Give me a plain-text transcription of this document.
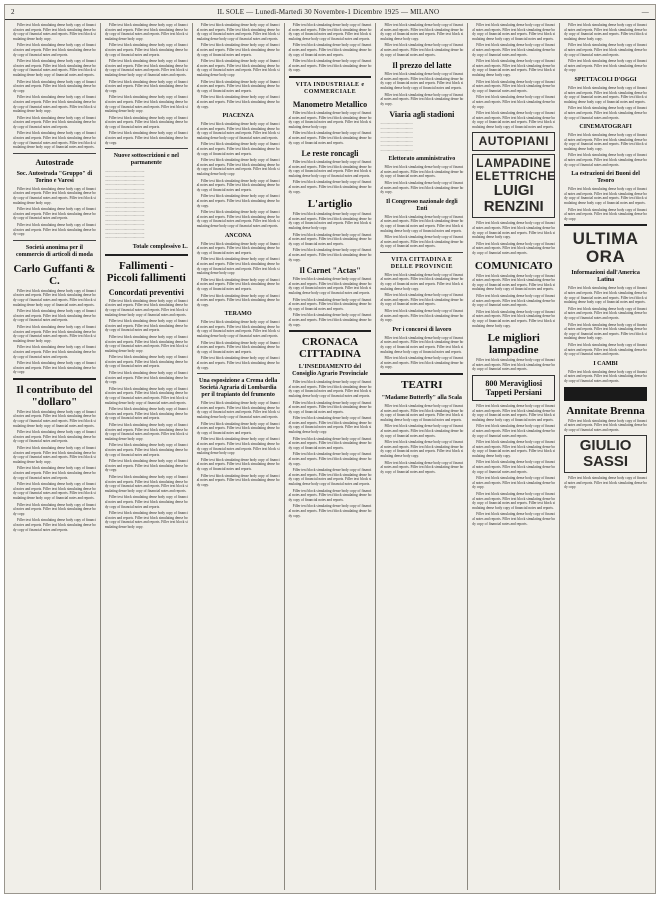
2	IL SOLE — Lunedì-Martedì 30 Novembre-1 Dicembre 1925 — MILANO	—

Filler text block simulating dense body copy of financial notes and reports. Filler text block simulating dense body copy of financial notes and reports. Filler text block simulating dense body copy.

Filler text block simulating dense body copy of financial notes and reports. Filler text block simulating dense body copy of financial notes and reports.

Filler text block simulating dense body copy of financial notes and reports. Filler text block simulating dense body copy of financial notes and reports. Filler text block simulating dense body copy of financial notes and reports.

Filler text block simulating dense body copy of financial notes and reports. Filler text block simulating dense body copy.

Filler text block simulating dense body copy of financial notes and reports. Filler text block simulating dense body copy of financial notes and reports. Filler text block simulating dense body copy.

Filler text block simulating dense body copy of financial notes and reports. Filler text block simulating dense body copy of financial notes and reports.

Filler text block simulating dense body copy of financial notes and reports. Filler text block simulating dense body copy of financial notes and reports. Filler text block simulating dense body copy of financial notes and reports.

Autostrade
Soc. Autostrada "Gruppo" di Torino e Varesi

Filler text block simulating dense body copy of financial notes and reports. Filler text block simulating dense body copy of financial notes and reports. Filler text block simulating dense body copy.

Filler text block simulating dense body copy of financial notes and reports. Filler text block simulating dense body copy of financial notes and reports.

Filler text block simulating dense body copy of financial notes and reports. Filler text block simulating dense body copy.

Società anonima per il commercio di articoli di moda
Carlo Guffanti & C.

Filler text block simulating dense body copy of financial notes and reports. Filler text block simulating dense body copy of financial notes and reports. Filler text block simulating dense body copy of financial notes and reports.

Filler text block simulating dense body copy of financial notes and reports. Filler text block simulating dense body copy of financial notes and reports.

Filler text block simulating dense body copy of financial notes and reports. Filler text block simulating dense body copy of financial notes and reports. Filler text block simulating dense body copy.

Filler text block simulating dense body copy of financial notes and reports. Filler text block simulating dense body copy of financial notes and reports.

Filler text block simulating dense body copy of financial notes and reports. Filler text block simulating dense body copy.

Il contributo del "dollaro"

Filler text block simulating dense body copy of financial notes and reports. Filler text block simulating dense body copy of financial notes and reports. Filler text block simulating dense body copy of financial notes and reports.

Filler text block simulating dense body copy of financial notes and reports. Filler text block simulating dense body copy of financial notes and reports.

Filler text block simulating dense body copy of financial notes and reports. Filler text block simulating dense body copy of financial notes and reports. Filler text block simulating dense body copy.

Filler text block simulating dense body copy of financial notes and reports. Filler text block simulating dense body copy of financial notes and reports.

Filler text block simulating dense body copy of financial notes and reports. Filler text block simulating dense body copy of financial notes and reports. Filler text block simulating dense body copy of financial notes and reports.

Filler text block simulating dense body copy of financial notes and reports. Filler text block simulating dense body copy.

Filler text block simulating dense body copy of financial notes and reports. Filler text block simulating dense body copy of financial notes and reports.

Filler text block simulating dense body copy of financial notes and reports. Filler text block simulating dense body copy of financial notes and reports. Filler text block simulating dense body copy.

Filler text block simulating dense body copy of financial notes and reports. Filler text block simulating dense body copy of financial notes and reports.

Filler text block simulating dense body copy of financial notes and reports. Filler text block simulating dense body copy of financial notes and reports. Filler text block simulating dense body copy of financial notes and reports.

Filler text block simulating dense body copy of financial notes and reports. Filler text block simulating dense body copy.

Filler text block simulating dense body copy of financial notes and reports. Filler text block simulating dense body copy of financial notes and reports. Filler text block simulating dense body copy.

Filler text block simulating dense body copy of financial notes and reports. Filler text block simulating dense body copy of financial notes and reports.

Filler text block simulating dense body copy of financial notes and reports. Filler text block simulating dense body copy.

Nuove sottoscrizioni e nel parmanente
............................................
............................................
............................................
............................................
............................................
............................................
............................................
............................................
............................................
............................................
............................................
............................................
............................................
............................................
............................................
............................................
Totale complessivo L.
Fallimenti - Piccoli fallimenti
Concordati preventivi

Filler text block simulating dense body copy of financial notes and reports. Filler text block simulating dense body copy of financial notes and reports. Filler text block simulating dense body copy of financial notes and reports.

Filler text block simulating dense body copy of financial notes and reports. Filler text block simulating dense body copy of financial notes and reports.

Filler text block simulating dense body copy of financial notes and reports. Filler text block simulating dense body copy of financial notes and reports. Filler text block simulating dense body copy.

Filler text block simulating dense body copy of financial notes and reports. Filler text block simulating dense body copy of financial notes and reports.

Filler text block simulating dense body copy of financial notes and reports. Filler text block simulating dense body copy.

Filler text block simulating dense body copy of financial notes and reports. Filler text block simulating dense body copy of financial notes and reports. Filler text block simulating dense body copy of financial notes and reports.

Filler text block simulating dense body copy of financial notes and reports. Filler text block simulating dense body copy of financial notes and reports.

Filler text block simulating dense body copy of financial notes and reports. Filler text block simulating dense body copy of financial notes and reports. Filler text block simulating dense body copy.

Filler text block simulating dense body copy of financial notes and reports. Filler text block simulating dense body copy of financial notes and reports.

Filler text block simulating dense body copy of financial notes and reports. Filler text block simulating dense body copy.

Filler text block simulating dense body copy of financial notes and reports. Filler text block simulating dense body copy of financial notes and reports. Filler text block simulating dense body copy of financial notes and reports.

Filler text block simulating dense body copy of financial notes and reports. Filler text block simulating dense body copy of financial notes and reports.

Filler text block simulating dense body copy of financial notes and reports. Filler text block simulating dense body copy of financial notes and reports. Filler text block simulating dense body copy.

Filler text block simulating dense body copy of financial notes and reports. Filler text block simulating dense body copy of financial notes and reports. Filler text block simulating dense body copy of financial notes and reports.

Filler text block simulating dense body copy of financial notes and reports. Filler text block simulating dense body copy of financial notes and reports.

Filler text block simulating dense body copy of financial notes and reports. Filler text block simulating dense body copy of financial notes and reports. Filler text block simulating dense body copy.

Filler text block simulating dense body copy of financial notes and reports. Filler text block simulating dense body copy of financial notes and reports.

Filler text block simulating dense body copy of financial notes and reports. Filler text block simulating dense body copy.

PIACENZA

Filler text block simulating dense body copy of financial notes and reports. Filler text block simulating dense body copy of financial notes and reports. Filler text block simulating dense body copy of financial notes and reports.

Filler text block simulating dense body copy of financial notes and reports. Filler text block simulating dense body copy of financial notes and reports.

Filler text block simulating dense body copy of financial notes and reports. Filler text block simulating dense body copy of financial notes and reports. Filler text block simulating dense body copy.

Filler text block simulating dense body copy of financial notes and reports. Filler text block simulating dense body copy of financial notes and reports.

Filler text block simulating dense body copy of financial notes and reports. Filler text block simulating dense body copy.

Filler text block simulating dense body copy of financial notes and reports. Filler text block simulating dense body copy of financial notes and reports. Filler text block simulating dense body copy of financial notes and reports.

ANCONA

Filler text block simulating dense body copy of financial notes and reports. Filler text block simulating dense body copy of financial notes and reports.

Filler text block simulating dense body copy of financial notes and reports. Filler text block simulating dense body copy of financial notes and reports. Filler text block simulating dense body copy.

Filler text block simulating dense body copy of financial notes and reports. Filler text block simulating dense body copy of financial notes and reports.

Filler text block simulating dense body copy of financial notes and reports. Filler text block simulating dense body copy.

TERAMO

Filler text block simulating dense body copy of financial notes and reports. Filler text block simulating dense body copy of financial notes and reports. Filler text block simulating dense body copy of financial notes and reports.

Filler text block simulating dense body copy of financial notes and reports. Filler text block simulating dense body copy of financial notes and reports.

Filler text block simulating dense body copy of financial notes and reports. Filler text block simulating dense body copy.

Una esposizione a Crema della Società Agraria di Lombardia per il trapianto del frumento

Filler text block simulating dense body copy of financial notes and reports. Filler text block simulating dense body copy of financial notes and reports. Filler text block simulating dense body copy of financial notes and reports.

Filler text block simulating dense body copy of financial notes and reports. Filler text block simulating dense body copy of financial notes and reports.

Filler text block simulating dense body copy of financial notes and reports. Filler text block simulating dense body copy of financial notes and reports. Filler text block simulating dense body copy.

Filler text block simulating dense body copy of financial notes and reports. Filler text block simulating dense body copy of financial notes and reports.

Filler text block simulating dense body copy of financial notes and reports. Filler text block simulating dense body copy.

Filler text block simulating dense body copy of financial notes and reports. Filler text block simulating dense body copy of financial notes and reports. Filler text block simulating dense body copy of financial notes and reports.

Filler text block simulating dense body copy of financial notes and reports. Filler text block simulating dense body copy of financial notes and reports.

Filler text block simulating dense body copy of financial notes and reports. Filler text block simulating dense body copy.

VITA INDUSTRIALE e COMMERCIALE
Manometro Metallico

Filler text block simulating dense body copy of financial notes and reports. Filler text block simulating dense body copy of financial notes and reports. Filler text block simulating dense body copy.

Filler text block simulating dense body copy of financial notes and reports. Filler text block simulating dense body copy of financial notes and reports.

Le reste roncagli

Filler text block simulating dense body copy of financial notes and reports. Filler text block simulating dense body copy of financial notes and reports. Filler text block simulating dense body copy of financial notes and reports.

Filler text block simulating dense body copy of financial notes and reports. Filler text block simulating dense body copy.

L'artiglio

Filler text block simulating dense body copy of financial notes and reports. Filler text block simulating dense body copy of financial notes and reports. Filler text block simulating dense body copy.

Filler text block simulating dense body copy of financial notes and reports. Filler text block simulating dense body copy of financial notes and reports.

Filler text block simulating dense body copy of financial notes and reports. Filler text block simulating dense body copy.

Il Carnet "Actas"

Filler text block simulating dense body copy of financial notes and reports. Filler text block simulating dense body copy of financial notes and reports. Filler text block simulating dense body copy of financial notes and reports.

Filler text block simulating dense body copy of financial notes and reports. Filler text block simulating dense body copy of financial notes and reports.

Filler text block simulating dense body copy of financial notes and reports. Filler text block simulating dense body copy.

CRONACA CITTADINA
L'INSEDIAMENTO del Consiglio Agrario Provinciale

Filler text block simulating dense body copy of financial notes and reports. Filler text block simulating dense body copy of financial notes and reports. Filler text block simulating dense body copy of financial notes and reports.

Filler text block simulating dense body copy of financial notes and reports. Filler text block simulating dense body copy of financial notes and reports.

Filler text block simulating dense body copy of financial notes and reports. Filler text block simulating dense body copy of financial notes and reports. Filler text block simulating dense body copy.

Filler text block simulating dense body copy of financial notes and reports. Filler text block simulating dense body copy of financial notes and reports.

Filler text block simulating dense body copy of financial notes and reports. Filler text block simulating dense body copy.

Filler text block simulating dense body copy of financial notes and reports. Filler text block simulating dense body copy of financial notes and reports. Filler text block simulating dense body copy of financial notes and reports.

Filler text block simulating dense body copy of financial notes and reports. Filler text block simulating dense body copy of financial notes and reports.

Filler text block simulating dense body copy of financial notes and reports. Filler text block simulating dense body copy.

Filler text block simulating dense body copy of financial notes and reports. Filler text block simulating dense body copy of financial notes and reports. Filler text block simulating dense body copy.

Filler text block simulating dense body copy of financial notes and reports. Filler text block simulating dense body copy of financial notes and reports.

Il prezzo del latte

Filler text block simulating dense body copy of financial notes and reports. Filler text block simulating dense body copy of financial notes and reports. Filler text block simulating dense body copy of financial notes and reports.

Filler text block simulating dense body copy of financial notes and reports. Filler text block simulating dense body copy.

Viaria agli stadioni
....................................
....................................
....................................
....................................
....................................
....................................
....................................
Elettorato amministrativo

Filler text block simulating dense body copy of financial notes and reports. Filler text block simulating dense body copy of financial notes and reports.

Filler text block simulating dense body copy of financial notes and reports. Filler text block simulating dense body copy.

Il Congresso nazionale degli Enti

Filler text block simulating dense body copy of financial notes and reports. Filler text block simulating dense body copy of financial notes and reports. Filler text block simulating dense body copy of financial notes and reports.

Filler text block simulating dense body copy of financial notes and reports. Filler text block simulating dense body copy of financial notes and reports.

VITA CITTADINA E DELLE PROVINCIE

Filler text block simulating dense body copy of financial notes and reports. Filler text block simulating dense body copy of financial notes and reports. Filler text block simulating dense body copy.

Filler text block simulating dense body copy of financial notes and reports. Filler text block simulating dense body copy of financial notes and reports.

Filler text block simulating dense body copy of financial notes and reports. Filler text block simulating dense body copy.

Per i concorsi di lavoro

Filler text block simulating dense body copy of financial notes and reports. Filler text block simulating dense body copy of financial notes and reports. Filler text block simulating dense body copy of financial notes and reports.

Filler text block simulating dense body copy of financial notes and reports. Filler text block simulating dense body copy.

TEATRI
"Madame Butterfly" alla Scala

Filler text block simulating dense body copy of financial notes and reports. Filler text block simulating dense body copy of financial notes and reports. Filler text block simulating dense body copy of financial notes and reports.

Filler text block simulating dense body copy of financial notes and reports. Filler text block simulating dense body copy of financial notes and reports.

Filler text block simulating dense body copy of financial notes and reports. Filler text block simulating dense body copy of financial notes and reports. Filler text block simulating dense body copy.

Filler text block simulating dense body copy of financial notes and reports. Filler text block simulating dense body copy of financial notes and reports.

Filler text block simulating dense body copy of financial notes and reports. Filler text block simulating dense body copy of financial notes and reports. Filler text block simulating dense body copy of financial notes and reports.

Filler text block simulating dense body copy of financial notes and reports. Filler text block simulating dense body copy of financial notes and reports.

Filler text block simulating dense body copy of financial notes and reports. Filler text block simulating dense body copy of financial notes and reports. Filler text block simulating dense body copy.

Filler text block simulating dense body copy of financial notes and reports. Filler text block simulating dense body copy of financial notes and reports.

Filler text block simulating dense body copy of financial notes and reports. Filler text block simulating dense body copy.

Filler text block simulating dense body copy of financial notes and reports. Filler text block simulating dense body copy of financial notes and reports. Filler text block simulating dense body copy of financial notes and reports.

AUTOPIANI
LAMPADINE ELETTRICHE
LUIGI RENZINI

Filler text block simulating dense body copy of financial notes and reports. Filler text block simulating dense body copy of financial notes and reports. Filler text block simulating dense body copy.

Filler text block simulating dense body copy of financial notes and reports. Filler text block simulating dense body copy of financial notes and reports.

COMUNICATO

Filler text block simulating dense body copy of financial notes and reports. Filler text block simulating dense body copy of financial notes and reports. Filler text block simulating dense body copy of financial notes and reports.

Filler text block simulating dense body copy of financial notes and reports. Filler text block simulating dense body copy of financial notes and reports.

Filler text block simulating dense body copy of financial notes and reports. Filler text block simulating dense body copy of financial notes and reports. Filler text block simulating dense body copy.

Le migliori lampadine

Filler text block simulating dense body copy of financial notes and reports. Filler text block simulating dense body copy of financial notes and reports.

800 Meravigliosi Tappeti Persiani

Filler text block simulating dense body copy of financial notes and reports. Filler text block simulating dense body copy of financial notes and reports. Filler text block simulating dense body copy of financial notes and reports.

Filler text block simulating dense body copy of financial notes and reports. Filler text block simulating dense body copy of financial notes and reports.

Filler text block simulating dense body copy of financial notes and reports. Filler text block simulating dense body copy of financial notes and reports. Filler text block simulating dense body copy.

Filler text block simulating dense body copy of financial notes and reports. Filler text block simulating dense body copy of financial notes and reports.

Filler text block simulating dense body copy of financial notes and reports. Filler text block simulating dense body copy.

Filler text block simulating dense body copy of financial notes and reports. Filler text block simulating dense body copy of financial notes and reports. Filler text block simulating dense body copy of financial notes and reports.

Filler text block simulating dense body copy of financial notes and reports. Filler text block simulating dense body copy of financial notes and reports.

Filler text block simulating dense body copy of financial notes and reports. Filler text block simulating dense body copy of financial notes and reports. Filler text block simulating dense body copy.

Filler text block simulating dense body copy of financial notes and reports. Filler text block simulating dense body copy of financial notes and reports.

Filler text block simulating dense body copy of financial notes and reports. Filler text block simulating dense body copy.

SPETTACOLI D'OGGI

Filler text block simulating dense body copy of financial notes and reports. Filler text block simulating dense body copy of financial notes and reports. Filler text block simulating dense body copy of financial notes and reports.

Filler text block simulating dense body copy of financial notes and reports. Filler text block simulating dense body copy of financial notes and reports.

CINEMATOGRAFI

Filler text block simulating dense body copy of financial notes and reports. Filler text block simulating dense body copy of financial notes and reports. Filler text block simulating dense body copy.

Filler text block simulating dense body copy of financial notes and reports. Filler text block simulating dense body copy of financial notes and reports.

La estrazioni dei Buoni del Tesoro

Filler text block simulating dense body copy of financial notes and reports. Filler text block simulating dense body copy of financial notes and reports. Filler text block simulating dense body copy of financial notes and reports.

Filler text block simulating dense body copy of financial notes and reports. Filler text block simulating dense body copy.

ULTIMA ORA
Informazioni dall'America Latina

Filler text block simulating dense body copy of financial notes and reports. Filler text block simulating dense body copy of financial notes and reports. Filler text block simulating dense body copy of financial notes and reports.

Filler text block simulating dense body copy of financial notes and reports. Filler text block simulating dense body copy of financial notes and reports.

Filler text block simulating dense body copy of financial notes and reports. Filler text block simulating dense body copy of financial notes and reports. Filler text block simulating dense body copy.

Filler text block simulating dense body copy of financial notes and reports. Filler text block simulating dense body copy of financial notes and reports.

I CAMBI

Filler text block simulating dense body copy of financial notes and reports. Filler text block simulating dense body copy of financial notes and reports.

Annitate Brenna

Filler text block simulating dense body copy of financial notes and reports. Filler text block simulating dense body copy of financial notes and reports.

GIULIO SASSI

Filler text block simulating dense body copy of financial notes and reports. Filler text block simulating dense body copy.
